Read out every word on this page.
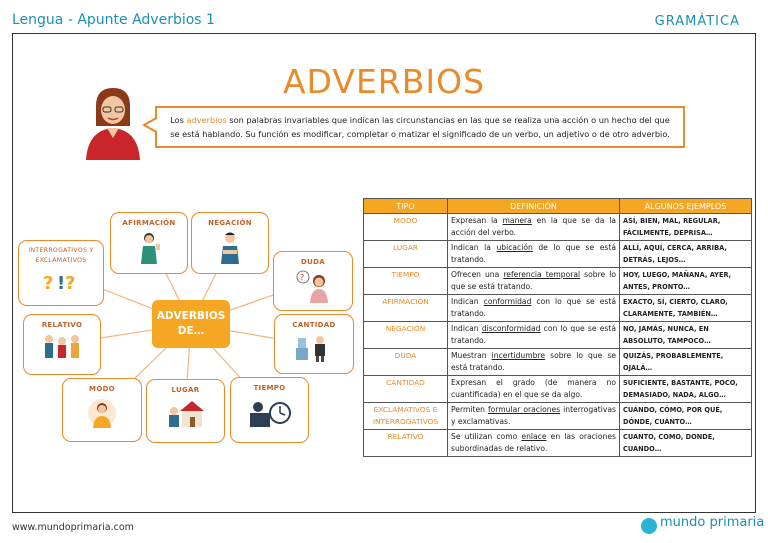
Lengua - Apunte Adverbios 1	GRAMÁTICA
ADVERBIOS
Los adverbios son palabras invariables que indican las circunstancias en las que se realiza una acción o un hecho del que se está hablando. Su función es modificar, completar o matizar el significado de un verbo, un adjetivo o de otro adverbio.
AFIRMACIÓN	NEGACIÓN
DUDA
?
CANTIDAD
TIEMPO
LUGAR
MODO
RELATIVO
INTERROGATIVOS Y EXCLAMATIVOS
? ! ?
ADVERBIOS
DE…
TIPO	DEFINICIÓN	ALGUNOS EJEMPLOS
MODO	Expresan la manera en la que se da la acción del verbo.	ASÍ, BIEN, MAL, REGULAR, FÁCILMENTE, DEPRISA…
LUGAR	Indican la ubicación de lo que se está tratando.	ALLÍ, AQUÍ, CERCA, ARRIBA, DETRÁS, LEJOS…
TIEMPO	Ofrecen una referencia temporal sobre lo que se está tratando.	HOY, LUEGO, MAÑANA, AYER, ANTES, PRONTO…
AFIRMACIÓN	Indican conformidad con lo que se está tratando.	EXACTO, SÍ, CIERTO, CLARO, CLARAMENTE, TAMBIÉN…
NEGACIÓN	Indican disconformidad con lo que se está tratando.	NO, JAMÁS, NUNCA, EN ABSOLUTO, TAMPOCO…
DUDA	Muestran incertidumbre sobre lo que se está tratando.	QUIZÁS, PROBABLEMENTE, OJALÁ…
CANTIDAD	Expresan el grado (de manera no cuantificada) en el que se da algo.	SUFICIENTE, BASTANTE, POCO, DEMASIADO, NADA, ALGO…
EXCLAMATIVOS E INTERROGATIVOS	Permiten formular oraciones interrogativas y exclamativas.	CUÁNDO, CÓMO, POR QUÉ, DÓNDE, CUÁNTO…
RELATIVO	Se utilizan como enlace en las oraciones subordinadas de relativo.	CUANTO, COMO, DONDE, CUANDO…
www.mundoprimaria.com	mundo primaria
